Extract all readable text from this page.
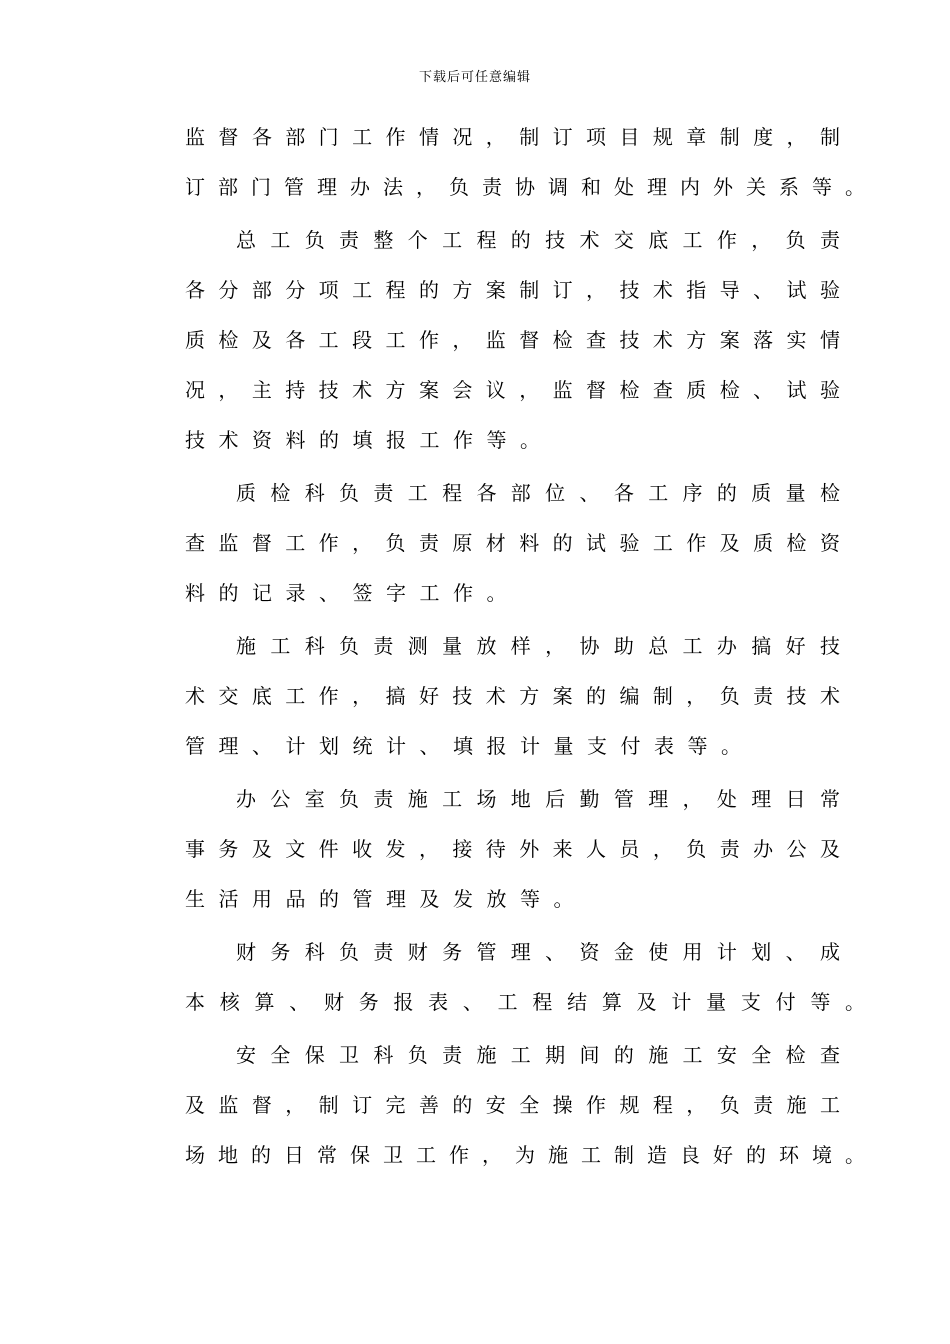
下载后可任意编辑
监督各部门工作情况，制订项目规章制度，制
订部门管理办法，负责协调和处理内外关系等。
总工负责整个工程的技术交底工作，负责
各分部分项工程的方案制订，技术指导、试验
质检及各工段工作，监督检查技术方案落实情
况，主持技术方案会议，监督检查质检、试验
技术资料的填报工作等。
质检科负责工程各部位、各工序的质量检
查监督工作，负责原材料的试验工作及质检资
料的记录、签字工作。
施工科负责测量放样，协助总工办搞好技
术交底工作，搞好技术方案的编制，负责技术
管理、计划统计、填报计量支付表等。
办公室负责施工场地后勤管理，处理日常
事务及文件收发，接待外来人员，负责办公及
生活用品的管理及发放等。
财务科负责财务管理、资金使用计划、成
本核算、财务报表、工程结算及计量支付等。
安全保卫科负责施工期间的施工安全检查
及监督，制订完善的安全操作规程，负责施工
场地的日常保卫工作，为施工制造良好的环境。
